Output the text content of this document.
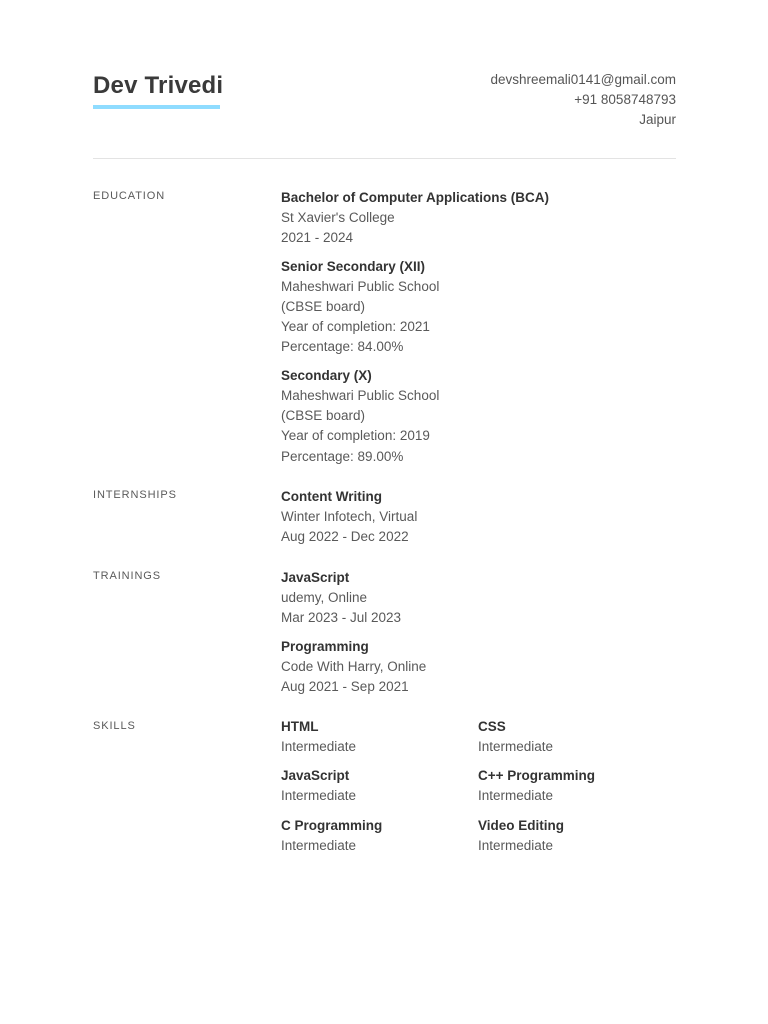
Dev Trivedi	devshreemali0141@gmail.com
+91 8058748793
Jaipur
EDUCATION	Bachelor of Computer Applications (BCA)
St Xavier's College
2021 - 2024
Senior Secondary (XII)
Maheshwari Public School
(CBSE board)
Year of completion: 2021
Percentage: 84.00%
Secondary (X)
Maheshwari Public School
(CBSE board)
Year of completion: 2019
Percentage: 89.00%
INTERNSHIPS	Content Writing
Winter Infotech, Virtual
Aug 2022 - Dec 2022
TRAININGS	JavaScript
udemy, Online
Mar 2023 - Jul 2023
Programming
Code With Harry, Online
Aug 2021 - Sep 2021
SKILLS	HTML
Intermediate
CSS
Intermediate
JavaScript
Intermediate
C++ Programming
Intermediate
C Programming
Intermediate
Video Editing
Intermediate
